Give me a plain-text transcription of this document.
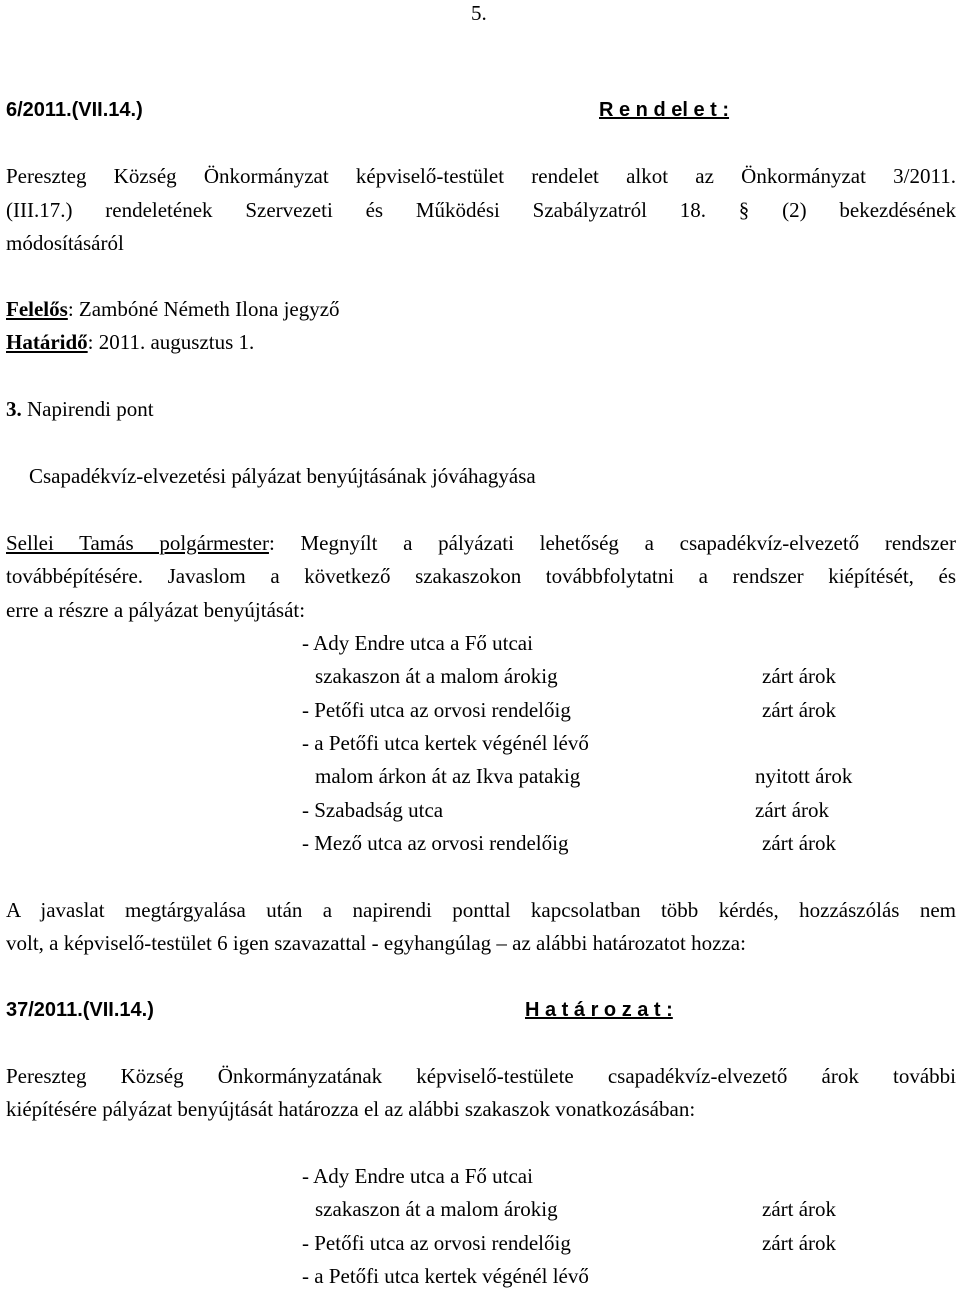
5.
6/2011.(VII.14.)	R e n d el e t :
Pereszteg Község Önkormányzat képviselő-testület rendelet alkot az Önkormányzat 3/2011.
(III.17.) rendeletének Szervezeti és Működési Szabályzatról 18. § (2) bekezdésének
módosításáról
Felelős: Zambóné Németh Ilona jegyző
Határidő: 2011. augusztus 1.
3. Napirendi pont
Csapadékvíz-elvezetési pályázat benyújtásának jóváhagyása
Sellei Tamás polgármester: Megnyílt a pályázati lehetőség a csapadékvíz-elvezető rendszer
továbbépítésére. Javaslom a következő szakaszokon továbbfolytatni a rendszer kiépítését, és
erre a részre a pályázat benyújtását:
- Ady Endre utca a Fő utcai
szakaszon át a malom árokig	zárt árok
- Petőfi utca az orvosi rendelőig	zárt árok
- a Petőfi utca kertek végénél lévő
malom árkon át az Ikva patakig	nyitott árok
- Szabadság utca	zárt árok
- Mező utca az orvosi rendelőig	zárt árok
A javaslat megtárgyalása után a napirendi ponttal kapcsolatban több kérdés, hozzászólás nem
volt, a képviselő-testület 6 igen szavazattal - egyhangúlag – az alábbi határozatot hozza:
37/2011.(VII.14.)	H a t á r o z a t :
Pereszteg Község Önkormányzatának képviselő-testülete csapadékvíz-elvezető árok további
kiépítésére pályázat benyújtását határozza el az alábbi szakaszok vonatkozásában:
- Ady Endre utca a Fő utcai
szakaszon át a malom árokig	zárt árok
- Petőfi utca az orvosi rendelőig	zárt árok
- a Petőfi utca kertek végénél lévő
